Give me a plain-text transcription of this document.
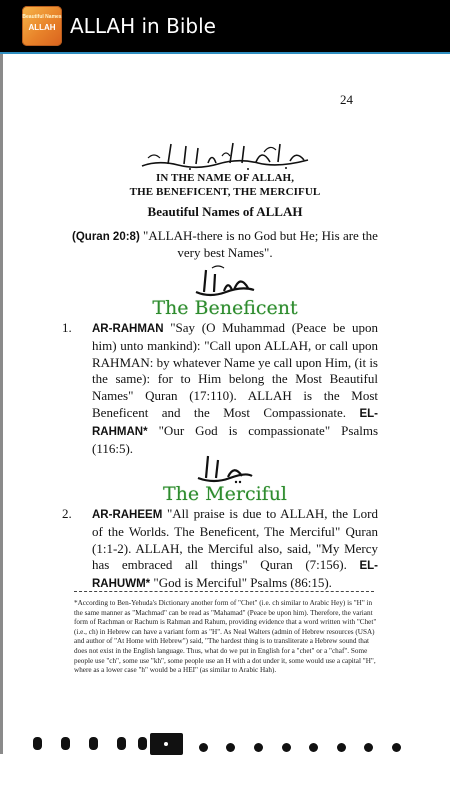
Beautiful Names
ALLAH ALLAH in Bible
24
IN THE NAME OF ALLAH,
THE BENEFICENT, THE MERCIFUL
Beautiful Names of ALLAH
(Quran 20:8) "ALLAH-there is no God but He; His are the very best Names".
The Beneficent
1. AR-RAHMAN "Say (O Muhammad (Peace be upon him) unto mankind): "Call upon ALLAH, or call upon RAHMAN: by whatever Name ye call upon Him, (it is the same): for to Him belong the Most Beautiful Names" Quran (17:110). ALLAH is the Most Beneficent and the Most Compassionate. EL-RAHMAN* "Our God is compassionate" Psalms (116:5).
The Merciful
2. AR-RAHEEM "All praise is due to ALLAH, the Lord of the Worlds. The Beneficent, The Merciful" Quran (1:1-2). ALLAH, the Merciful also, said, "My Mercy has embraced all things" Quran (7:156). EL-RAHUWM* "God is Merciful" Psalms (86:15).
*According to Ben-Yehuda's Dictionary another form of "Chet" (i.e. ch similar to Arabic Hey) is "H" in the same manner as "Machmad" can be read as "Mahamad" (Peace be upon him). Therefore, the variant form of Rachman or Rachum is Rahman and Rahum, providing evidence that a word written with "Chet" (i.e., ch) in Hebrew can have a variant form as "H". As Neal Walters (admin of Hebrew resources (USA) and author of "At Home with Hebrew") said, "The hardest thing is to transliterate a Hebrew sound that does not exist in the English language. Thus, what do we put in English for a "chet" or a "chaf". Some people use "ch", some use "kh", some people use an H with a dot under it, some would use a capital "H", where as a lower case "h" would be a HEI" (as similar to Arabic Hah).
